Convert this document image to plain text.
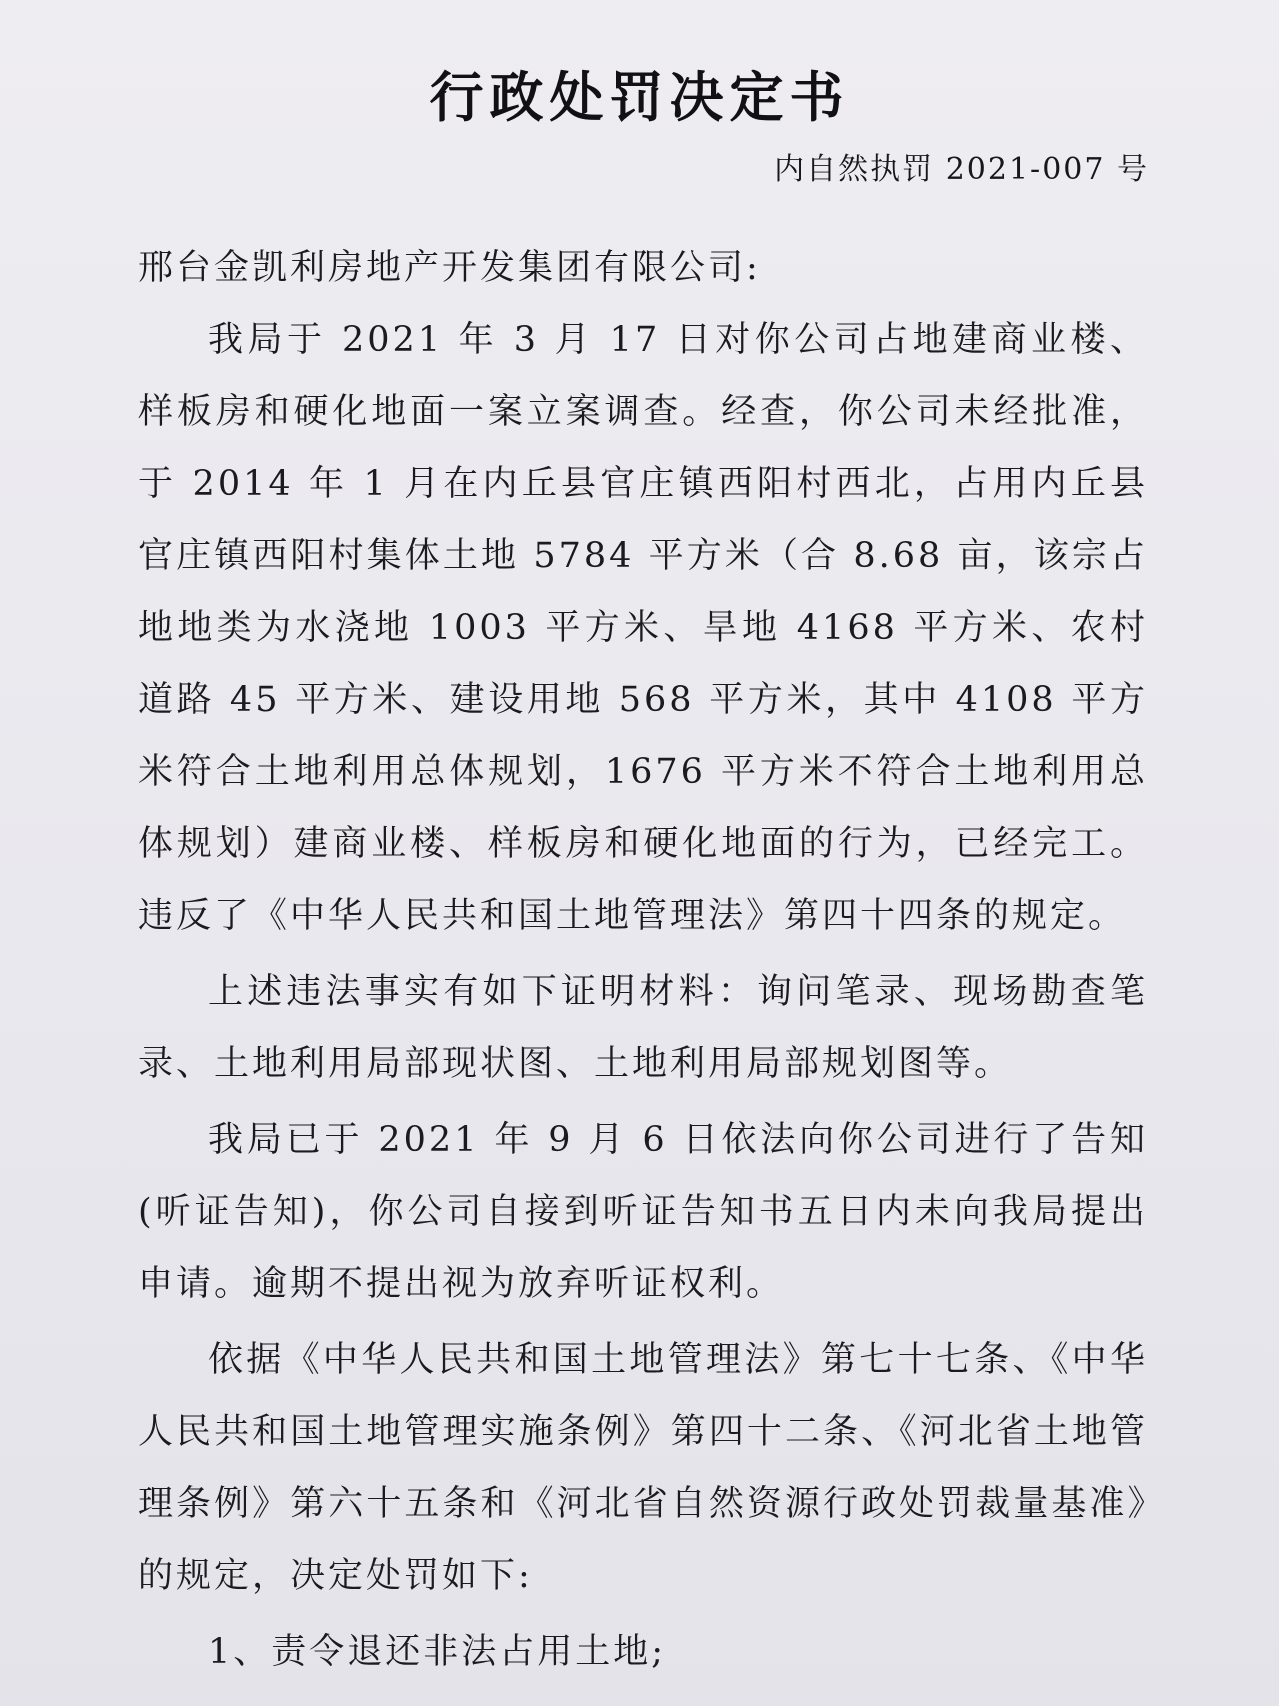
行政处罚决定书
内自然执罚 2021-007 号

邢台金凯利房地产开发集团有限公司:

我局于 2021 年 3 月 17 日对你公司占地建商业楼、样板房和硬化地面一案立案调查。经查，你公司未经批准，于 2014 年 1 月在内丘县官庄镇西阳村西北，占用内丘县官庄镇西阳村集体土地 5784 平方米（合 8.68 亩，该宗占地地类为水浇地 1003 平方米、旱地 4168 平方米、农村道路 45 平方米、建设用地 568 平方米，其中 4108 平方米符合土地利用总体规划，1676 平方米不符合土地利用总体规划）建商业楼、样板房和硬化地面的行为，已经完工。违反了《中华人民共和国土地管理法》第四十四条的规定。

上述违法事实有如下证明材料：询问笔录、现场勘查笔录、土地利用局部现状图、土地利用局部规划图等。

我局已于 2021 年 9 月 6 日依法向你公司进行了告知(听证告知)，你公司自接到听证告知书五日内未向我局提出申请。逾期不提出视为放弃听证权利。

依据《中华人民共和国土地管理法》第七十七条、《中华人民共和国土地管理实施条例》第四十二条、《河北省土地管理条例》第六十五条和《河北省自然资源行政处罚裁量基准》的规定，决定处罚如下:

1、责令退还非法占用土地;
